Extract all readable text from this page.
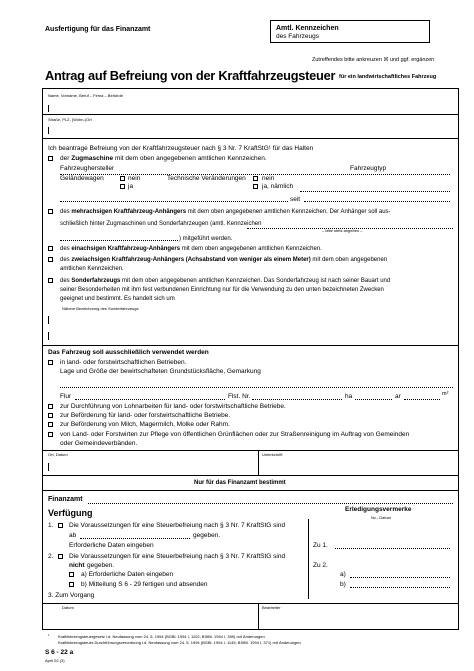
Ausfertigung für das Finanzamt	Amtl. Kennzeichen
des Fahrzeugs
Zutreffendes bitte ankreuzen ☒ und ggf. ergänzen
Antrag auf Befreiung von der Kraftfahrzeugsteuer für ein landwirtschaftliches Fahrzeug
Name, Vorname, Beruf – Firma – Behörde
Straße, PLZ, (Wohn-)Ort
Ich beantrage Befreiung von der Kraftfahrzeugsteuer nach § 3 Nr. 7 KraftStG¹ für das Halten
der Zugmaschine mit dem oben angegebenen amtlichen Kennzeichen.
Fahrzeughersteller	Fahrzeugtyp
Geländewagen	nein
ja
Technische Veränderungen nein
ja, nämlich
seit
des mehrachsigen Kraftfahrzeug-Anhängers mit dem oben angegebenen amtlichen Kennzeichen. Der Anhänger soll aus-
schließlich hinter Zugmaschinen und Sonderfahrzeugen (amtl. Kennzeichen
– bitte stets angeben –
) mitgeführt werden.
des einachsigen Kraftfahrzeug-Anhängers mit dem oben angegebenen amtlichen Kennzeichen.
des zweiachsigen Kraftfahrzeug-Anhängers (Achsabstand von weniger als einem Meter) mit dem oben angegebenen
amtlichen Kennzeichen.
des Sonderfahrzeugs mit dem oben angegebenen amtlichen Kennzeichen. Das Sonderfahrzeug ist nach seiner Bauart und
seiner Besonderheiten mit ihm fest verbundenen Einrichtung nur für die Verwendung zu den unten bezeichneten Zwecken
geeignet und bestimmt. Es handelt sich um
Nähere Bezeichnung des Sonderfahrzeugs
Das Fahrzeug soll ausschließlich verwendet werden
in land- oder forstwirtschaftlichen Betrieben.
Lage und Größe der bewirtschafteten Grundstücksfläche, Gemarkung
Flur	Flst. Nr.	ha	ar	m²
zur Durchführung von Lohnarbeiten für land- oder forstwirtschaftliche Betriebe.
zur Beförderung für land- oder forstwirtschaftliche Betriebe.
zur Beförderung von Milch, Magermilch, Molke oder Rahm.
von Land- oder Forstwirten zur Pflege von öffentlichen Grünflächen oder zur Straßenreinigung im Auftrag von Gemeinden
oder Gemeindeverbänden.
Ort, Datum	Unterschrift
Nur für das Finanzamt bestimmt
Finanzamt
Verfügung	Erledigungsvermerke
Nz., Datum
1. Die Voraussetzungen für eine Steuerbefreiung nach § 3 Nr. 7 KraftStG sind
ab	gegeben.
Erforderliche Daten eingeben	Zu 1.
2. Die Voraussetzungen für eine Steuerbefreiung nach § 3 Nr. 7 KraftStG sind
nicht gegeben.	Zu 2.
a) Erforderliche Daten eingeben	a)
b) Mitteilung S 6 - 29 fertigen und absenden	b)
3. Zum Vorgang
Datum	Bearbeiter
¹ Kraftfahrzeugsteuergesetz i.d. Neufassung vom 24. 5. 1994 (BGBl. 1994 I, 1102; BStBl. 1994 I, 359) mit Änderungen
Kraftfahrzeugsteuer-Durchführungsverordnung i.d. Neufassung vom 24. 5. 1994 (BGBl. 1994 I, 1145; BStBl. 1994 I, 371) mit Änderungen
S 6 - 22 a
April 02 (3)
